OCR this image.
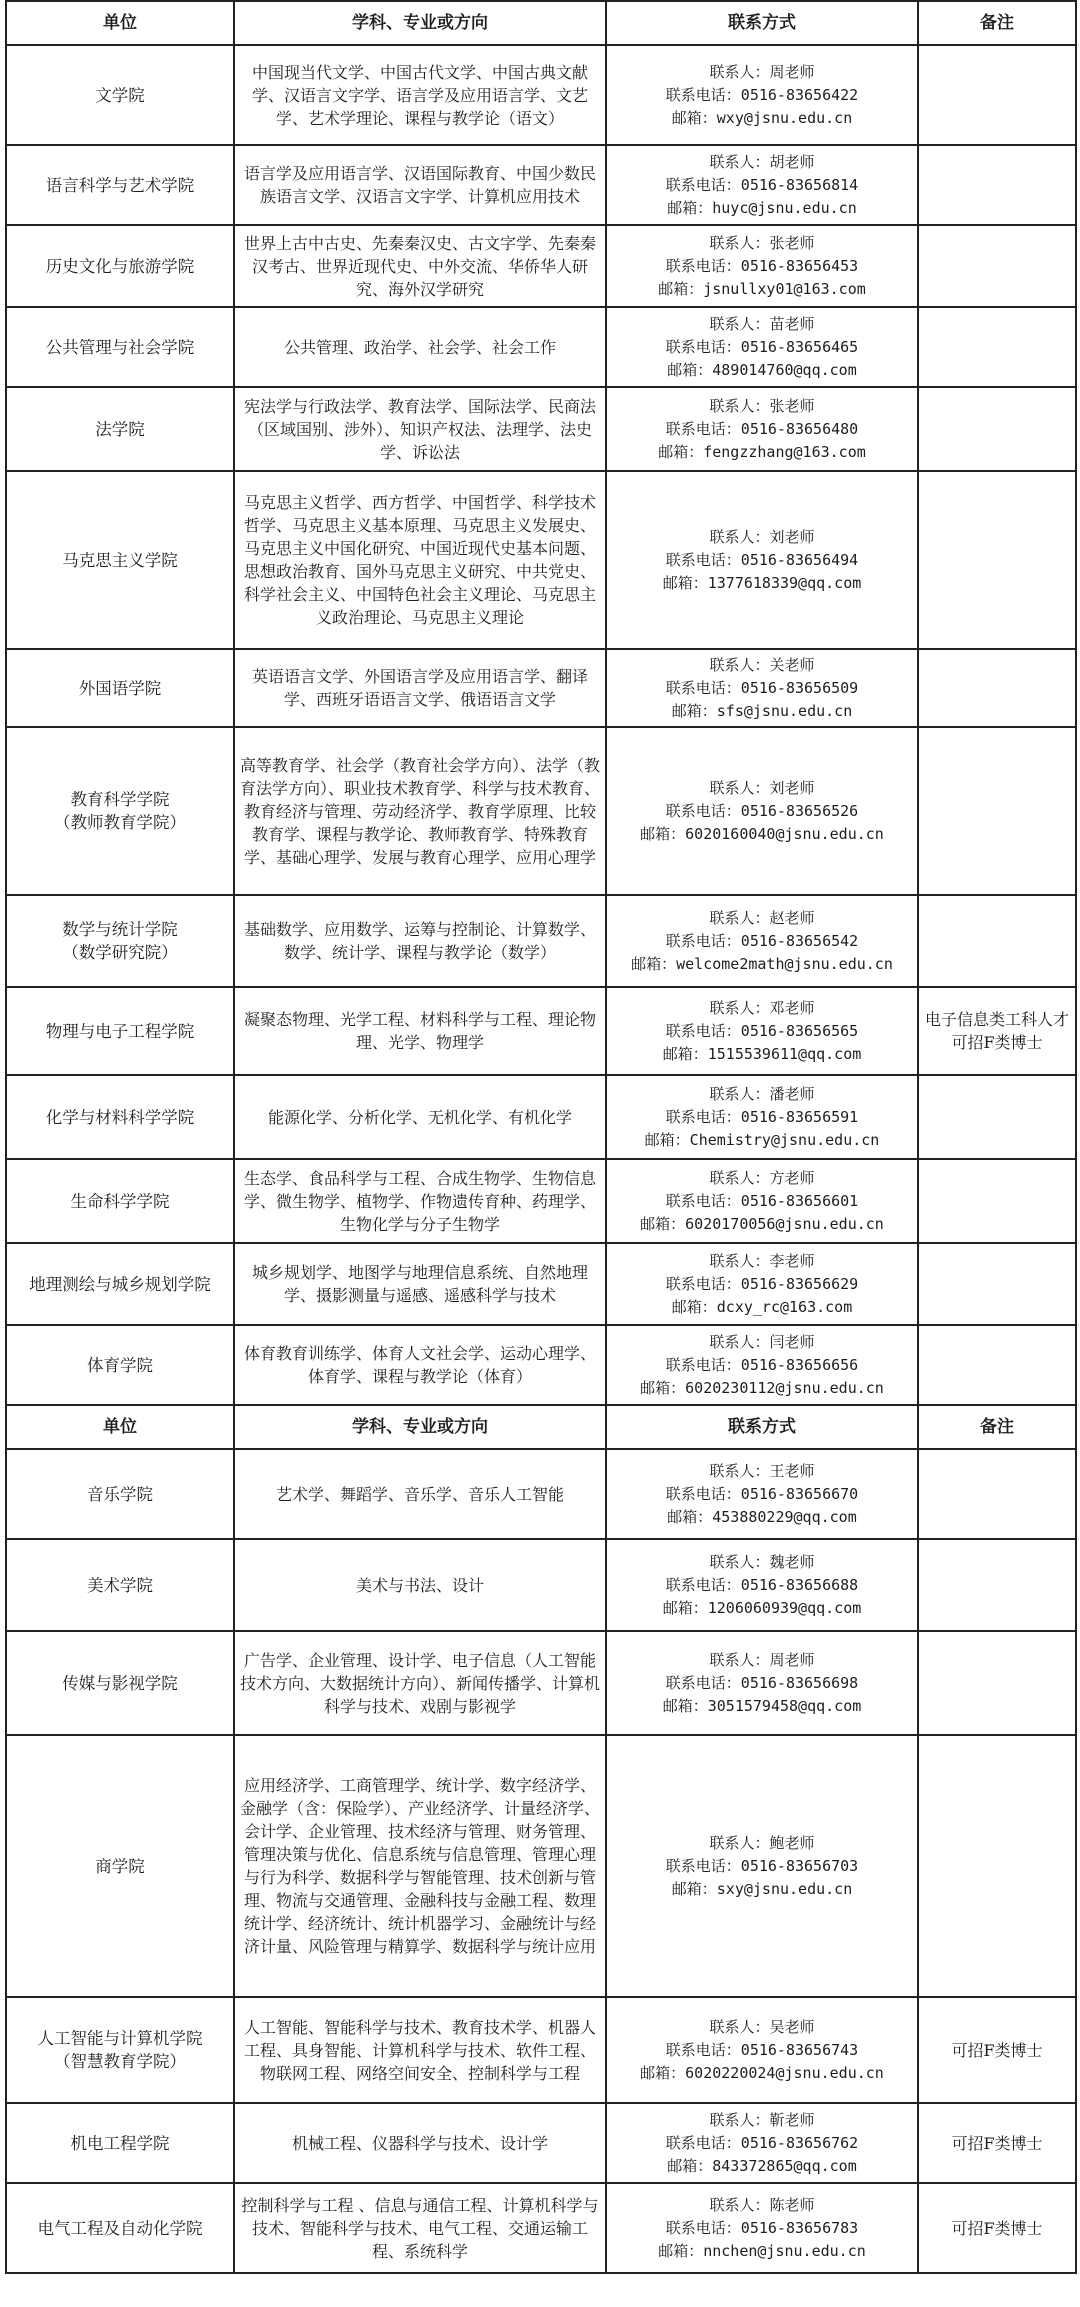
单位	学科、专业或方向	联系方式	备注

文学院	中国现当代文学、中国古代文学、中国古典文献学、汉语言文字学、语言学及应用语言学、文艺学、艺术学理论、课程与教学论（语文）	联系人：周老师
联系电话：0516-83656422
邮箱：wxy@jsnu.edu.cn	

语言科学与艺术学院	语言学及应用语言学、汉语国际教育、中国少数民族语言文学、汉语言文字学、计算机应用技术	联系人：胡老师
联系电话：0516-83656814
邮箱：huyc@jsnu.edu.cn	

历史文化与旅游学院	世界上古中古史、先秦秦汉史、古文字学、先秦秦汉考古、世界近现代史、中外交流、华侨华人研究、海外汉学研究	联系人：张老师
联系电话：0516-83656453
邮箱：jsnullxy01@163.com	

公共管理与社会学院	公共管理、政治学、社会学、社会工作	联系人：苗老师
联系电话：0516-83656465
邮箱：489014760@qq.com	

法学院	宪法学与行政法学、教育法学、国际法学、民商法（区域国别、涉外）、知识产权法、法理学、法史学、诉讼法	联系人：张老师
联系电话：0516-83656480
邮箱：fengzzhang@163.com	

马克思主义学院	马克思主义哲学、西方哲学、中国哲学、科学技术哲学、马克思主义基本原理、马克思主义发展史、马克思主义中国化研究、中国近现代史基本问题、思想政治教育、国外马克思主义研究、中共党史、科学社会主义、中国特色社会主义理论、马克思主义政治理论、马克思主义理论	联系人：刘老师
联系电话：0516-83656494
邮箱：1377618339@qq.com	

外国语学院	英语语言文学、外国语言学及应用语言学、翻译学、西班牙语语言文学、俄语语言文学	联系人：关老师
联系电话：0516-83656509
邮箱：sfs@jsnu.edu.cn	

教育科学学院
（教师教育学院）	高等教育学、社会学（教育社会学方向）、法学（教育法学方向）、职业技术教育学、科学与技术教育、教育经济与管理、劳动经济学、教育学原理、比较教育学、课程与教学论、教师教育学、特殊教育学、基础心理学、发展与教育心理学、应用心理学	联系人：刘老师
联系电话：0516-83656526
邮箱：6020160040@jsnu.edu.cn	

数学与统计学院
（数学研究院）	基础数学、应用数学、运筹与控制论、计算数学、数学、统计学、课程与教学论（数学）	联系人：赵老师
联系电话：0516-83656542
邮箱：welcome2math@jsnu.edu.cn	

物理与电子工程学院	凝聚态物理、光学工程、材料科学与工程、理论物理、光学、物理学	联系人：邓老师
联系电话：0516-83656565
邮箱：1515539611@qq.com	电子信息类工科人才可招F类博士

化学与材料科学学院	能源化学、分析化学、无机化学、有机化学	联系人：潘老师
联系电话：0516-83656591
邮箱：Chemistry@jsnu.edu.cn	

生命科学学院	生态学、食品科学与工程、合成生物学、生物信息学、微生物学、植物学、作物遗传育种、药理学、生物化学与分子生物学	联系人：方老师
联系电话：0516-83656601
邮箱：6020170056@jsnu.edu.cn	

地理测绘与城乡规划学院	城乡规划学、地图学与地理信息系统、自然地理学、摄影测量与遥感、遥感科学与技术	联系人：李老师
联系电话：0516-83656629
邮箱：dcxy_rc@163.com	

体育学院	体育教育训练学、体育人文社会学、运动心理学、体育学、课程与教学论（体育）	联系人：闫老师
联系电话：0516-83656656
邮箱：6020230112@jsnu.edu.cn	

单位	学科、专业或方向	联系方式	备注

音乐学院	艺术学、舞蹈学、音乐学、音乐人工智能	联系人：王老师
联系电话：0516-83656670
邮箱：453880229@qq.com	

美术学院	美术与书法、设计	联系人：魏老师
联系电话：0516-83656688
邮箱：1206060939@qq.com	

传媒与影视学院	广告学、企业管理、设计学、电子信息（人工智能技术方向、大数据统计方向）、新闻传播学、计算机科学与技术、戏剧与影视学	联系人：周老师
联系电话：0516-83656698
邮箱：3051579458@qq.com	

商学院	应用经济学、工商管理学、统计学、数字经济学、金融学（含：保险学）、产业经济学、计量经济学、会计学、企业管理、技术经济与管理、财务管理、管理决策与优化、信息系统与信息管理、管理心理与行为科学、数据科学与智能管理、技术创新与管理、物流与交通管理、金融科技与金融工程、数理统计学、经济统计、统计机器学习、金融统计与经济计量、风险管理与精算学、数据科学与统计应用	联系人：鲍老师
联系电话：0516-83656703
邮箱：sxy@jsnu.edu.cn	

人工智能与计算机学院
（智慧教育学院）	人工智能、智能科学与技术、教育技术学、机器人工程、具身智能、计算机科学与技术、软件工程、物联网工程、网络空间安全、控制科学与工程	联系人：吴老师
联系电话：0516-83656743
邮箱：6020220024@jsnu.edu.cn	可招F类博士

机电工程学院	机械工程、仪器科学与技术、设计学	联系人：靳老师
联系电话：0516-83656762
邮箱：843372865@qq.com	可招F类博士

电气工程及自动化学院	控制科学与工程 、信息与通信工程、计算机科学与技术、智能科学与技术、电气工程、交通运输工程、系统科学	联系人：陈老师
联系电话：0516-83656783
邮箱：nnchen@jsnu.edu.cn	可招F类博士
